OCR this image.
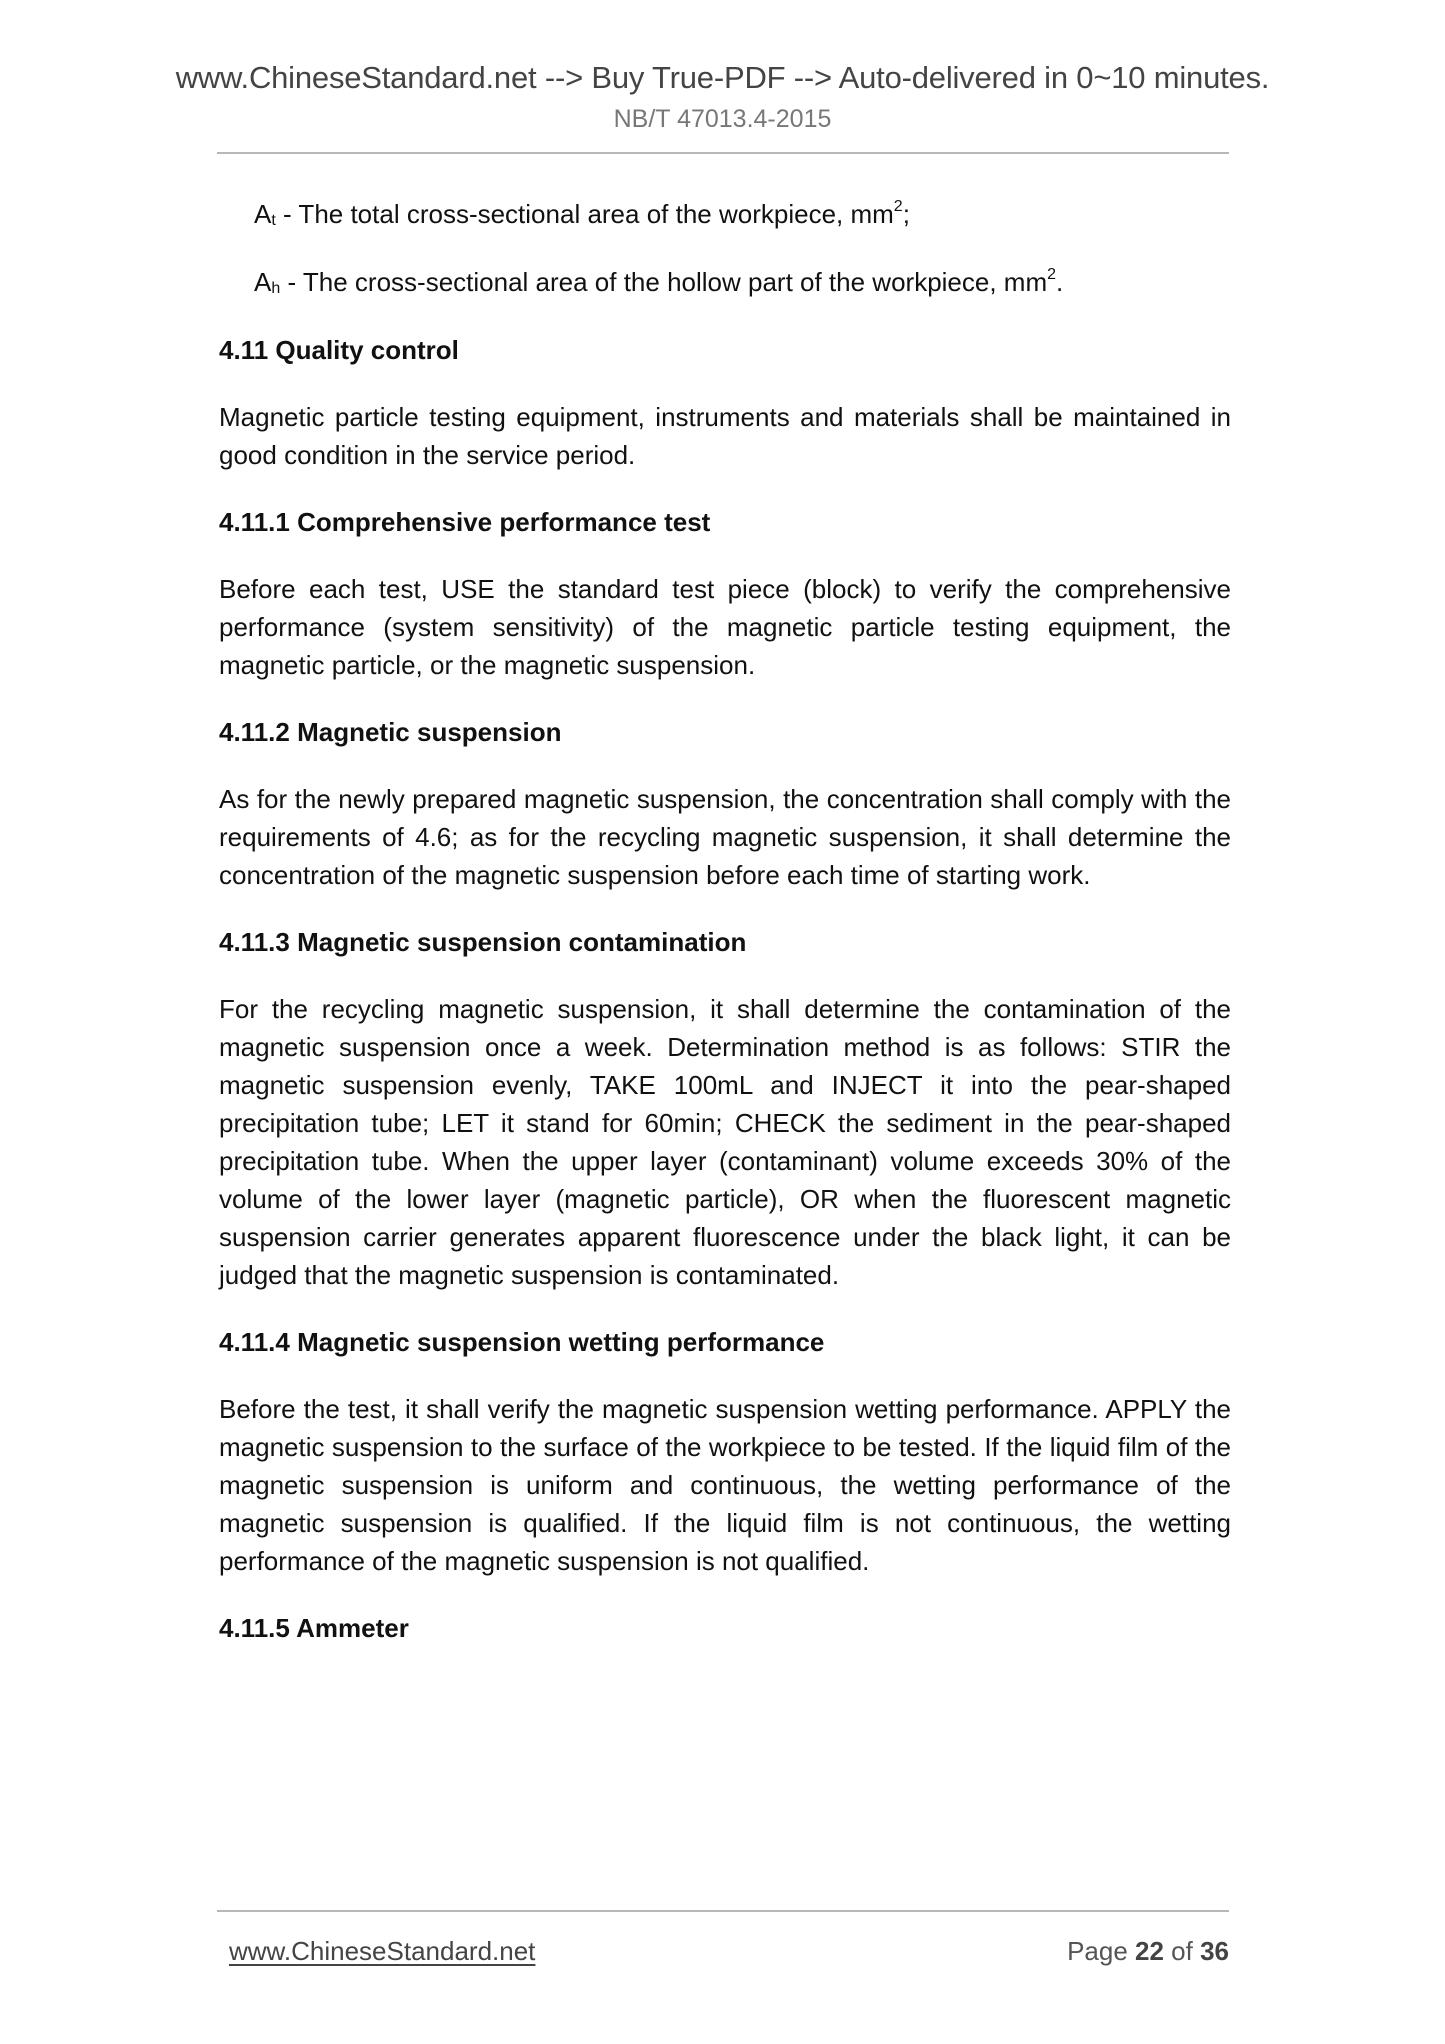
www.ChineseStandard.net --> Buy True-PDF --> Auto-delivered in 0~10 minutes.
NB/T 47013.4-2015
$A_t$ - The total cross-sectional area of the workpiece, $mm^2$;
$A_h$ - The cross-sectional area of the hollow part of the workpiece, $mm^2$.
4.11 Quality control

Magnetic particle testing equipment, instruments and materials shall be maintained in good condition in the service period.

4.11.1 Comprehensive performance test

Before each test, USE the standard test piece (block) to verify the comprehensive performance (system sensitivity) of the magnetic particle testing equipment, the magnetic particle, or the magnetic suspension.

4.11.2 Magnetic suspension

As for the newly prepared magnetic suspension, the concentration shall comply with the requirements of 4.6; as for the recycling magnetic suspension, it shall determine the concentration of the magnetic suspension before each time of starting work.

4.11.3 Magnetic suspension contamination

For the recycling magnetic suspension, it shall determine the contamination of the magnetic suspension once a week. Determination method is as follows: STIR the magnetic suspension evenly, TAKE 100mL and INJECT it into the pear-shaped precipitation tube; LET it stand for 60min; CHECK the sediment in the pear-shaped precipitation tube. When the upper layer (contaminant) volume exceeds 30% of the volume of the lower layer (magnetic particle), OR when the fluorescent magnetic suspension carrier generates apparent fluorescence under the black light, it can be judged that the magnetic suspension is contaminated.

4.11.4 Magnetic suspension wetting performance

Before the test, it shall verify the magnetic suspension wetting performance. APPLY the magnetic suspension to the surface of the workpiece to be tested. If the liquid film of the magnetic suspension is uniform and continuous, the wetting performance of the magnetic suspension is qualified. If the liquid film is not continuous, the wetting performance of the magnetic suspension is not qualified.

4.11.5 Ammeter
www.ChineseStandard.net	Page 22 of 36
